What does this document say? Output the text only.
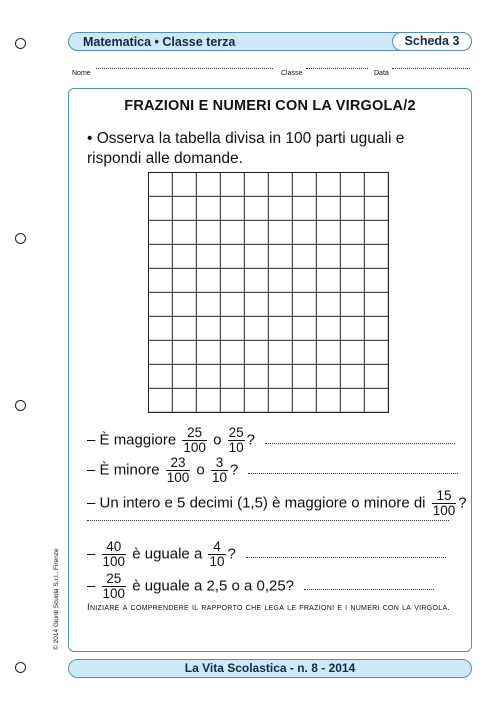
Matematica • Classe terza	Scheda 3
Nome	Classe	Data
FRAZIONI E NUMERI CON LA VIRGOLA/2
• Osserva la tabella divisa in 100 parti uguali e rispondi alle domande.
– È maggiore $\frac{25}{100}$ o $\frac{25}{10}$ ?
– È minore $\frac{23}{100}$ o $\frac{3}{10}$ ?
– Un intero e 5 decimi (1,5) è maggiore o minore di $\frac{15}{100}$ ?
– $\frac{40}{100}$ è uguale a $\frac{4}{10}$ ?
– $\frac{25}{100}$ è uguale a 2,5 o a 0,25?
Iniziare a comprendere il rapporto che lega le frazioni e i numeri con la virgola.
© 2014 Giunti Scuola S.r.l., Firenze
La Vita Scolastica - n. 8 - 2014
